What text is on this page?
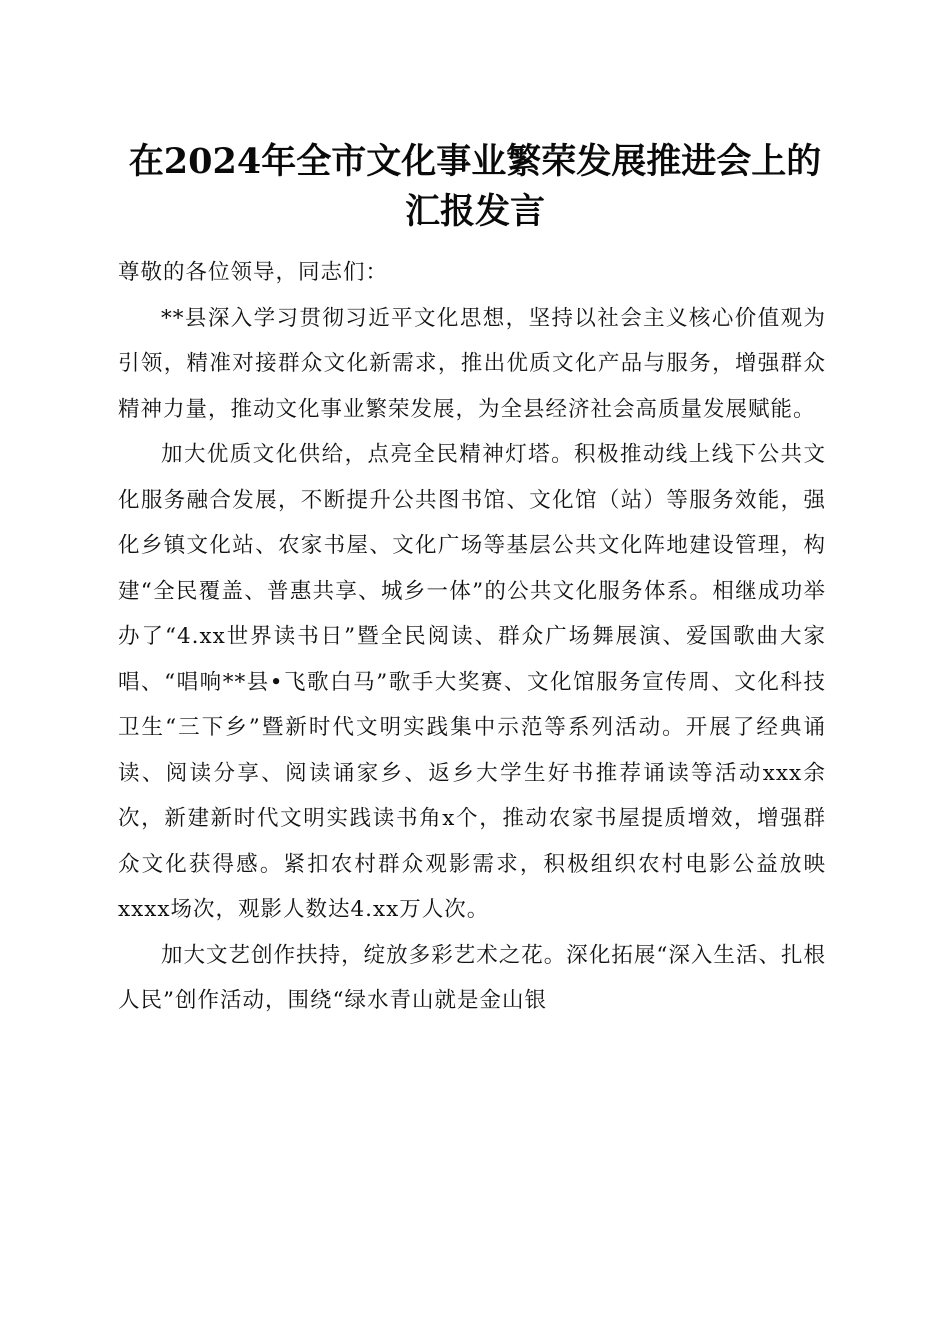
在2024年全市文化事业繁荣发展推进会上的
汇报发言

尊敬的各位领导，同志们：

**县深入学习贯彻习近平文化思想，坚持以社会主义核心价值观为引领，精准对接群众文化新需求，推出优质文化产品与服务，增强群众精神力量，推动文化事业繁荣发展，为全县经济社会高质量发展赋能。

加大优质文化供给，点亮全民精神灯塔。积极推动线上线下公共文化服务融合发展，不断提升公共图书馆、文化馆（站）等服务效能，强化乡镇文化站、农家书屋、文化广场等基层公共文化阵地建设管理，构建“全民覆盖、普惠共享、城乡一体”的公共文化服务体系。相继成功举办了“4.xx世界读书日”暨全民阅读、群众广场舞展演、爱国歌曲大家唱、“唱响**县•飞歌白马”歌手大奖赛、文化馆服务宣传周、文化科技卫生“三下乡”暨新时代文明实践集中示范等系列活动。开展了经典诵读、阅读分享、阅读诵家乡、返乡大学生好书推荐诵读等活动xxx余次，新建新时代文明实践读书角x个，推动农家书屋提质增效，增强群众文化获得感。紧扣农村群众观影需求，积极组织农村电影公益放映xxxx场次，观影人数达4.xx万人次。

加大文艺创作扶持，绽放多彩艺术之花。深化拓展“深入生活、扎根人民”创作活动，围绕“绿水青山就是金山银
